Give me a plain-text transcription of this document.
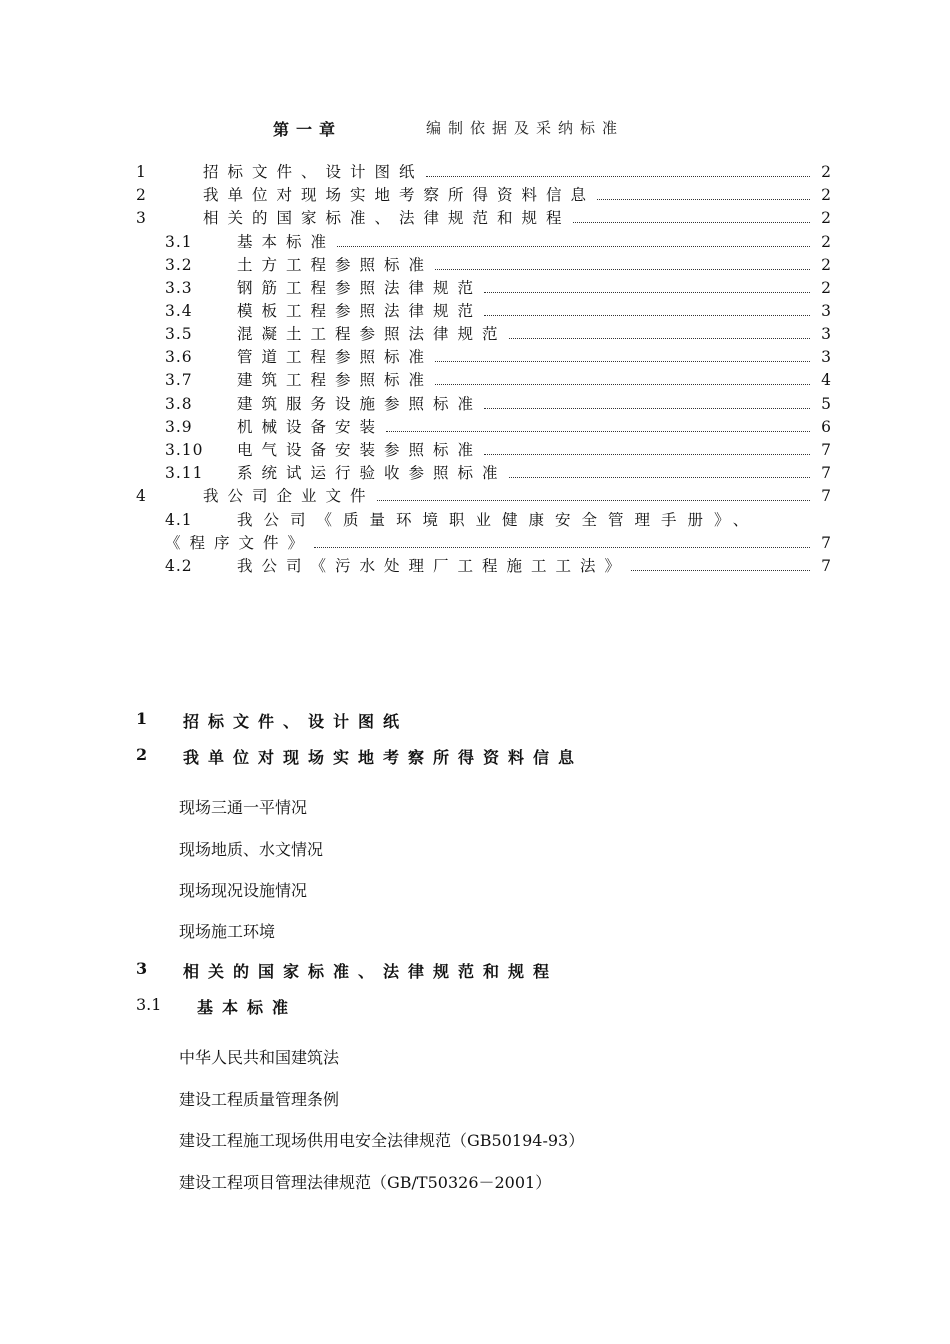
第一章	编制依据及采纳标准
1	招标文件、设计图纸	2
2	我单位对现场实地考察所得资料信息	2
3	相关的国家标准、法律规范和规程	2
3.1	基本标准	2
3.2	土方工程参照标准	2
3.3	钢筋工程参照法律规范	2
3.4	模板工程参照法律规范	3
3.5	混凝土工程参照法律规范	3
3.6	管道工程参照标准	3
3.7	建筑工程参照标准	4
3.8	建筑服务设施参照标准	5
3.9	机械设备安装	6
3.10 电气设备安装参照标准	7
3.11 系统试运行验收参照标准	7
4	我公司企业文件	7
4.1	我公司《质量环境职业健康安全管理手册》、
《程序文件》	7
4.2	我公司《污水处理厂工程施工工法》	7
1 招标文件、设计图纸
2 我单位对现场实地考察所得资料信息
现场三通一平情况
现场地质、水文情况
现场现况设施情况
现场施工环境
3 相关的国家标准、法律规范和规程
3.1 基本标准
中华人民共和国建筑法
建设工程质量管理条例
建设工程施工现场供用电安全法律规范（GB50194-93）
建设工程项目管理法律规范（GB/T50326－2001）
